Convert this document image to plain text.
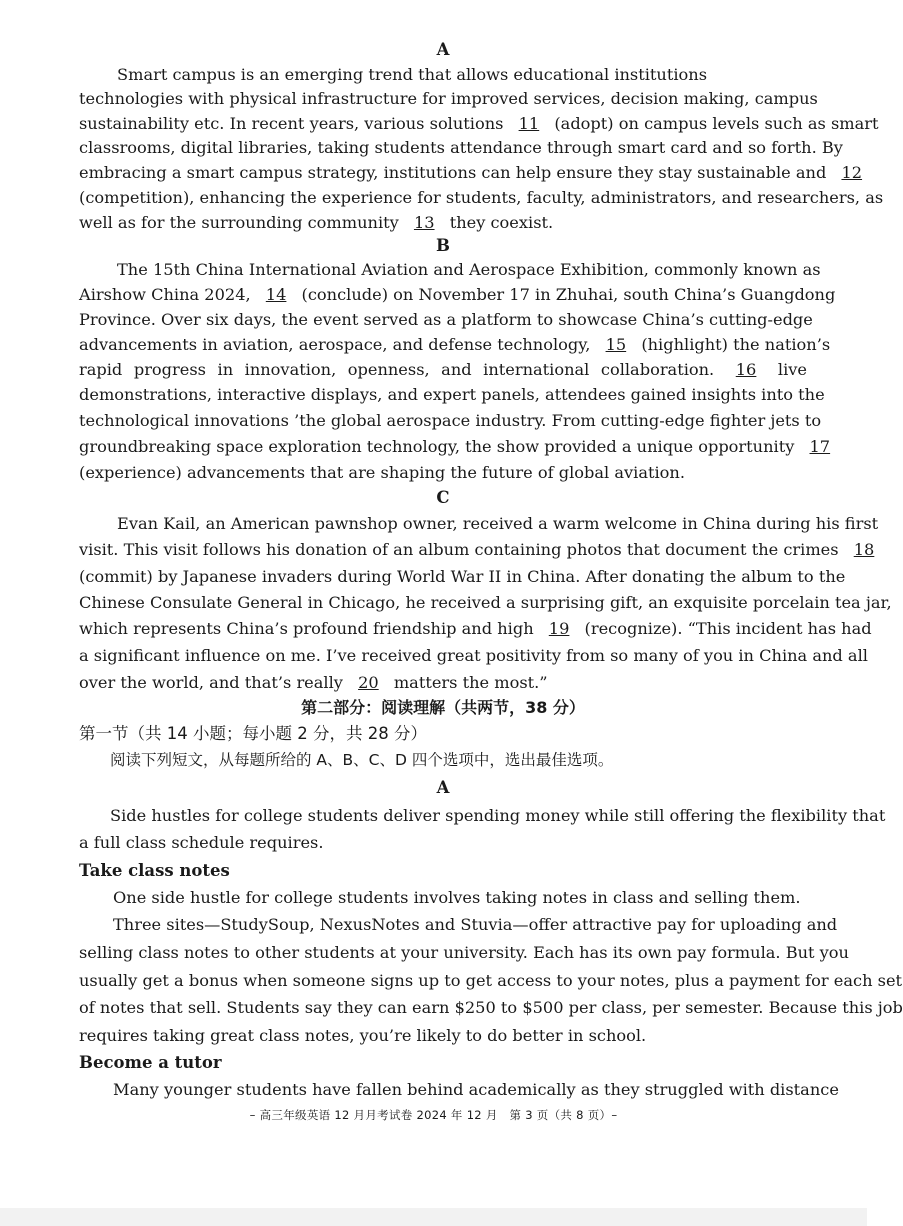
A
Smart campus is an emerging trend that allows educational institutions
technologies with physical infrastructure for improved services, decision making, campus
sustainability etc. In recent years, various solutions 11 (adopt) on campus levels such as smart
classrooms, digital libraries, taking students attendance through smart card and so forth. By
embracing a smart campus strategy, institutions can help ensure they stay sustainable and 12
(competition), enhancing the experience for students, faculty, administrators, and researchers, as
well as for the surrounding community 13 they coexist.
B
The 15th China International Aviation and Aerospace Exhibition, commonly known as
Airshow China 2024, 14 (conclude) on November 17 in Zhuhai, south China’s Guangdong
Province. Over six days, the event served as a platform to showcase China’s cutting-edge
advancements in aviation, aerospace, and defense technology, 15 (highlight) the nation’s
rapid progress in innovation, openness, and international collaboration. 16 live
demonstrations, interactive displays, and expert panels, attendees gained insights into the
technological innovations ’the global aerospace industry. From cutting-edge fighter jets to
groundbreaking space exploration technology, the show provided a unique opportunity 17
(experience) advancements that are shaping the future of global aviation.
C
Evan Kail, an American pawnshop owner, received a warm welcome in China during his first
visit. This visit follows his donation of an album containing photos that document the crimes 18
(commit) by Japanese invaders during World War II in China. After donating the album to the
Chinese Consulate General in Chicago, he received a surprising gift, an exquisite porcelain tea jar,
which represents China’s profound friendship and high 19 (recognize). “This incident has had
a significant influence on me. I’ve received great positivity from so many of you in China and all
over the world, and that’s really 20 matters the most.”
第二部分：阅读理解（共两节，38 分）
第一节（共 14 小题；每小题 2 分，共 28 分）
阅读下列短文，从每题所给的 A、B、C、D 四个选项中，选出最佳选项。
A
Side hustles for college students deliver spending money while still offering the flexibility that
a full class schedule requires.
Take class notes
One side hustle for college students involves taking notes in class and selling them.
Three sites—StudySoup, NexusNotes and Stuvia—offer attractive pay for uploading and
selling class notes to other students at your university. Each has its own pay formula. But you
usually get a bonus when someone signs up to get access to your notes, plus a payment for each set
of notes that sell. Students say they can earn $250 to $500 per class, per semester. Because this job
requires taking great class notes, you’re likely to do better in school.
Become a tutor
Many younger students have fallen behind academically as they struggled with distance
– 高三年级英语 12 月月考试卷 2024 年 12 月　第 3 页（共 8 页）–
